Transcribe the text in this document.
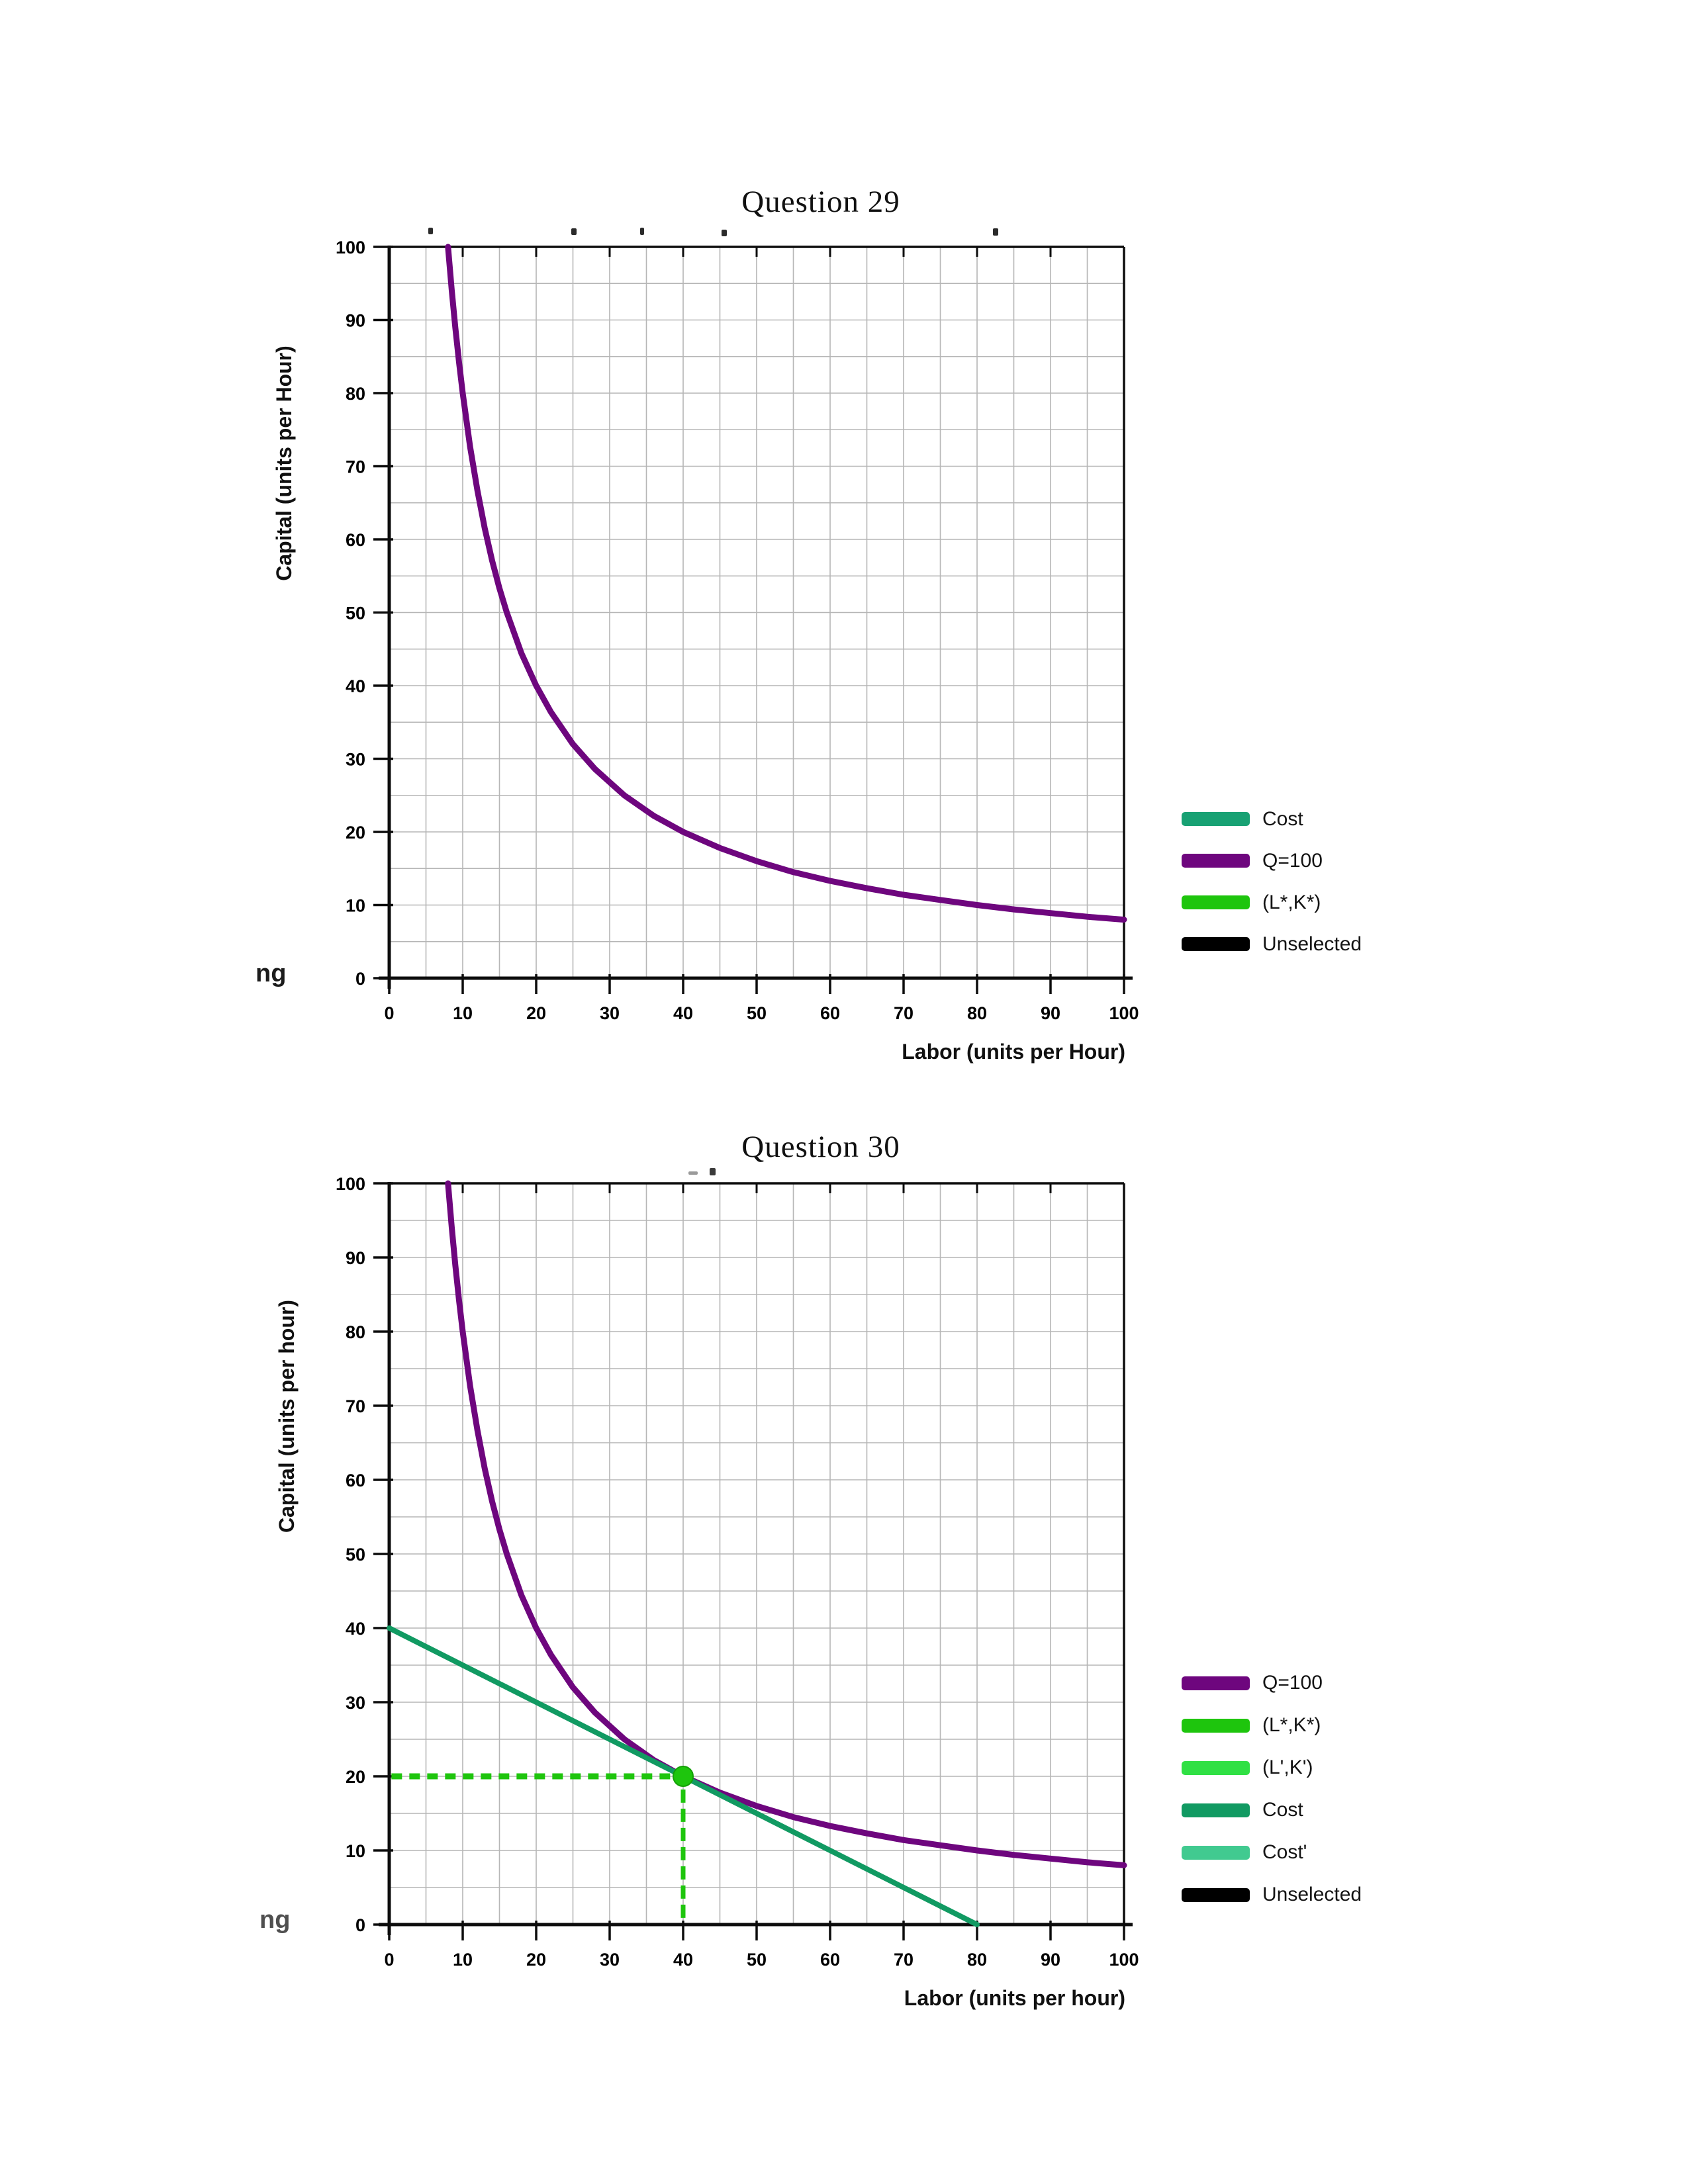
0	10	20	30	40	50	60	70	80	90	100
0
10
20
30
40
50
60
70
80
90
100
Labor (units per Hour)
Capital (units per Hour)
0	10	20	30	40	50	60	70	80	90	100
0
10
20
30
40
50
60
70
80
90
100
Labor (units per hour)
Capital (units per hour)
Question 29
Question 30
Cost
Q=100
(L*,K*)
Unselected
Q=100
(L*,K*)
(L',K')
Cost
Cost'
Unselected
ng
ng
